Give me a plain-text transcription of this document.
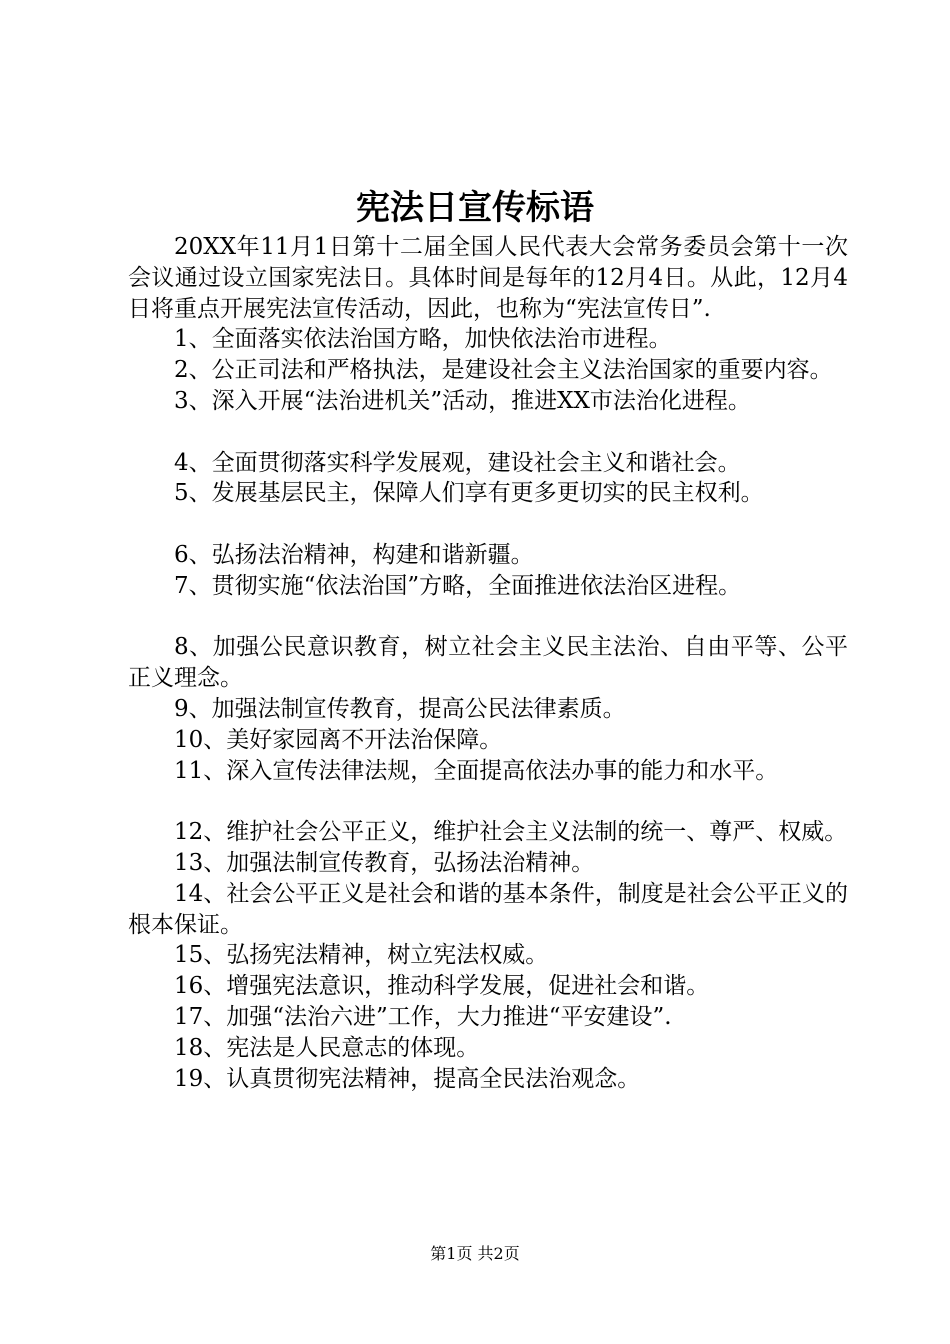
宪法日宣传标语

20XX年11月1日第十二届全国人民代表大会常务委员会第十一次会议通过设立国家宪法日。具体时间是每年的12月4日。从此，12月4日将重点开展宪法宣传活动，因此，也称为“宪法宣传日”.

1、全面落实依法治国方略，加快依法治市进程。

2、公正司法和严格执法，是建设社会主义法治国家的重要内容。

3、深入开展“法治进机关”活动，推进XX市法治化进程。

4、全面贯彻落实科学发展观，建设社会主义和谐社会。

5、发展基层民主，保障人们享有更多更切实的民主权利。

6、弘扬法治精神，构建和谐新疆。

7、贯彻实施“依法治国”方略，全面推进依法治区进程。

8、加强公民意识教育，树立社会主义民主法治、自由平等、公平正义理念。

9、加强法制宣传教育，提高公民法律素质。

10、美好家园离不开法治保障。

11、深入宣传法律法规，全面提高依法办事的能力和水平。

12、维护社会公平正义，维护社会主义法制的统一、尊严、权威。

13、加强法制宣传教育，弘扬法治精神。

14、社会公平正义是社会和谐的基本条件，制度是社会公平正义的根本保证。

15、弘扬宪法精神，树立宪法权威。

16、增强宪法意识，推动科学发展，促进社会和谐。

17、加强“法治六进”工作，大力推进“平安建设”.

18、宪法是人民意志的体现。

19、认真贯彻宪法精神，提高全民法治观念。

第1页 共2页
